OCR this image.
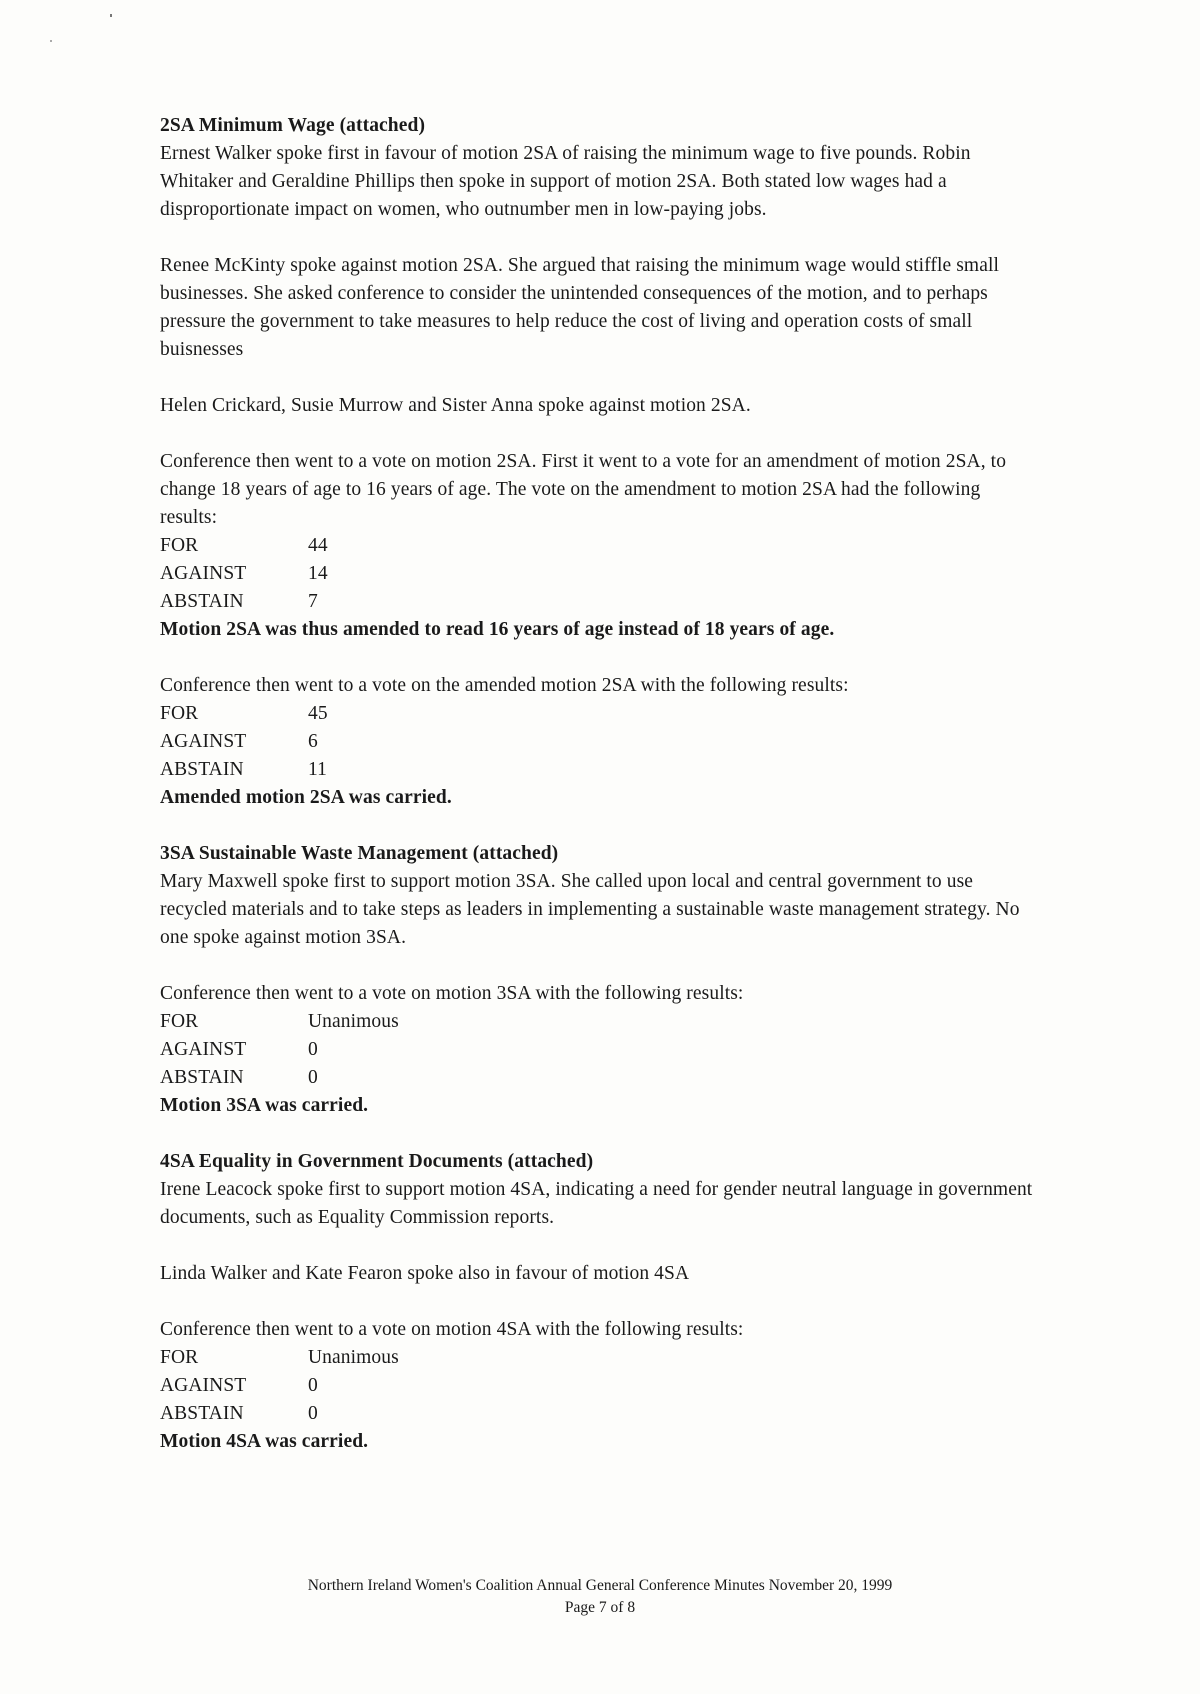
2SA Minimum Wage (attached)

Ernest Walker spoke first in favour of motion 2SA of raising the minimum wage to five pounds. Robin Whitaker and Geraldine Phillips then spoke in support of motion 2SA. Both stated low wages had a disproportionate impact on women, who outnumber men in low-paying jobs.

Renee McKinty spoke against motion 2SA. She argued that raising the minimum wage would stiffle small businesses. She asked conference to consider the unintended consequences of the motion, and to perhaps pressure the government to take measures to help reduce the cost of living and operation costs of small buisnesses

Helen Crickard, Susie Murrow and Sister Anna spoke against motion 2SA.

Conference then went to a vote on motion 2SA. First it went to a vote for an amendment of motion 2SA, to change 18 years of age to 16 years of age. The vote on the amendment to motion 2SA had the following results:

FOR	44
AGAINST	14
ABSTAIN	7

Motion 2SA was thus amended to read 16 years of age instead of 18 years of age.

Conference then went to a vote on the amended motion 2SA with the following results:

FOR	45
AGAINST	6
ABSTAIN	11

Amended motion 2SA was carried.

3SA Sustainable Waste Management (attached)

Mary Maxwell spoke first to support motion 3SA. She called upon local and central government to use recycled materials and to take steps as leaders in implementing a sustainable waste management strategy. No one spoke against motion 3SA.

Conference then went to a vote on motion 3SA with the following results:

FOR	Unanimous
AGAINST	0
ABSTAIN	0

Motion 3SA was carried.

4SA Equality in Government Documents (attached)

Irene Leacock spoke first to support motion 4SA, indicating a need for gender neutral language in government documents, such as Equality Commission reports.

Linda Walker and Kate Fearon spoke also in favour of motion 4SA

Conference then went to a vote on motion 4SA with the following results:

FOR	Unanimous
AGAINST	0
ABSTAIN	0

Motion 4SA was carried.

Northern Ireland Women's Coalition Annual General Conference Minutes November 20, 1999
Page 7 of 8
